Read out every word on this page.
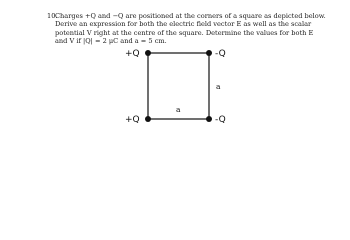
10.Charges +Q and −Q are positioned at the corners of a square as depicted below.
Derive an expression for both the electric field vector E as well as the scalar
potential V right at the centre of the square. Determine the values for both E
and V if |Q| = 2 μC and a = 5 cm.
+Q	-Q
+Q	-Q
a
a
